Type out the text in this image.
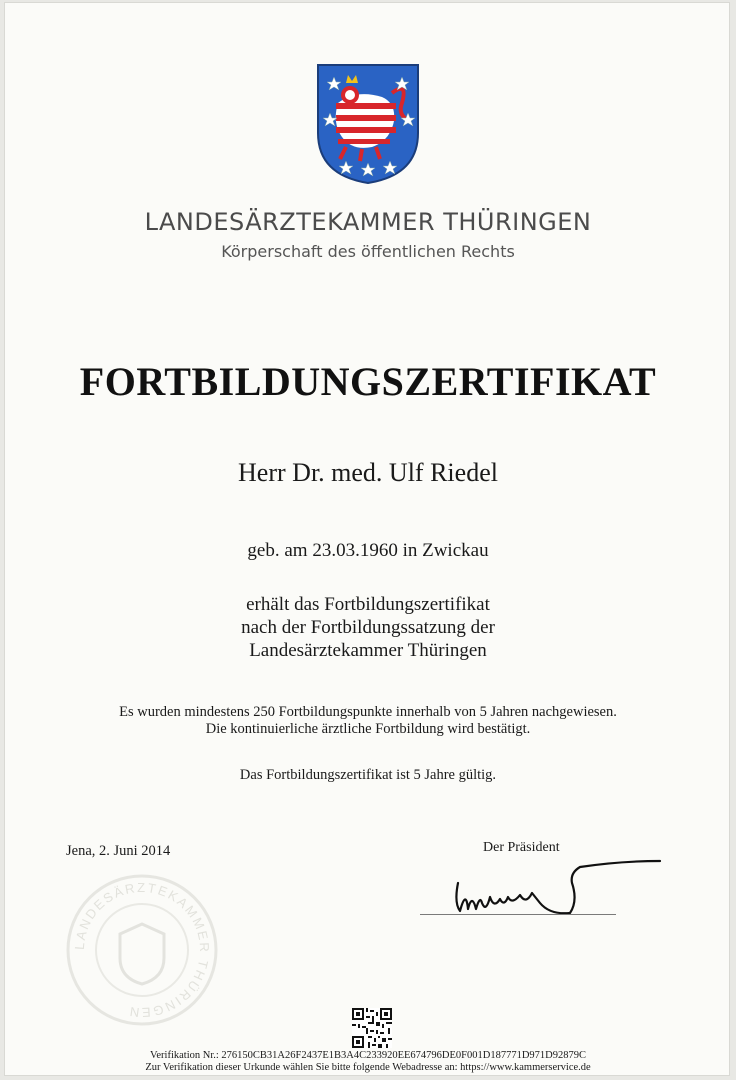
LANDESÄRZTEKAMMER THÜRINGEN
Körperschaft des öffentlichen Rechts
FORTBILDUNGSZERTIFIKAT
Herr Dr. med. Ulf Riedel
geb. am 23.03.1960 in Zwickau
erhält das Fortbildungszertifikat
nach der Fortbildungssatzung der
Landesärztekammer Thüringen
Es wurden mindestens 250 Fortbildungspunkte innerhalb von 5 Jahren nachgewiesen.
Die kontinuierliche ärztliche Fortbildung wird bestätigt.
Das Fortbildungszertifikat ist 5 Jahre gültig.
Jena, 2. Juni 2014	Der Präsident
LANDESÄRZTEKAMMER THÜRINGEN
Verifikation Nr.: 276150CB31A26F2437E1B3A4C233920EE674796DE0F001D187771D971D92879C
Zur Verifikation dieser Urkunde wählen Sie bitte folgende Webadresse an: https://www.kammerservice.de
